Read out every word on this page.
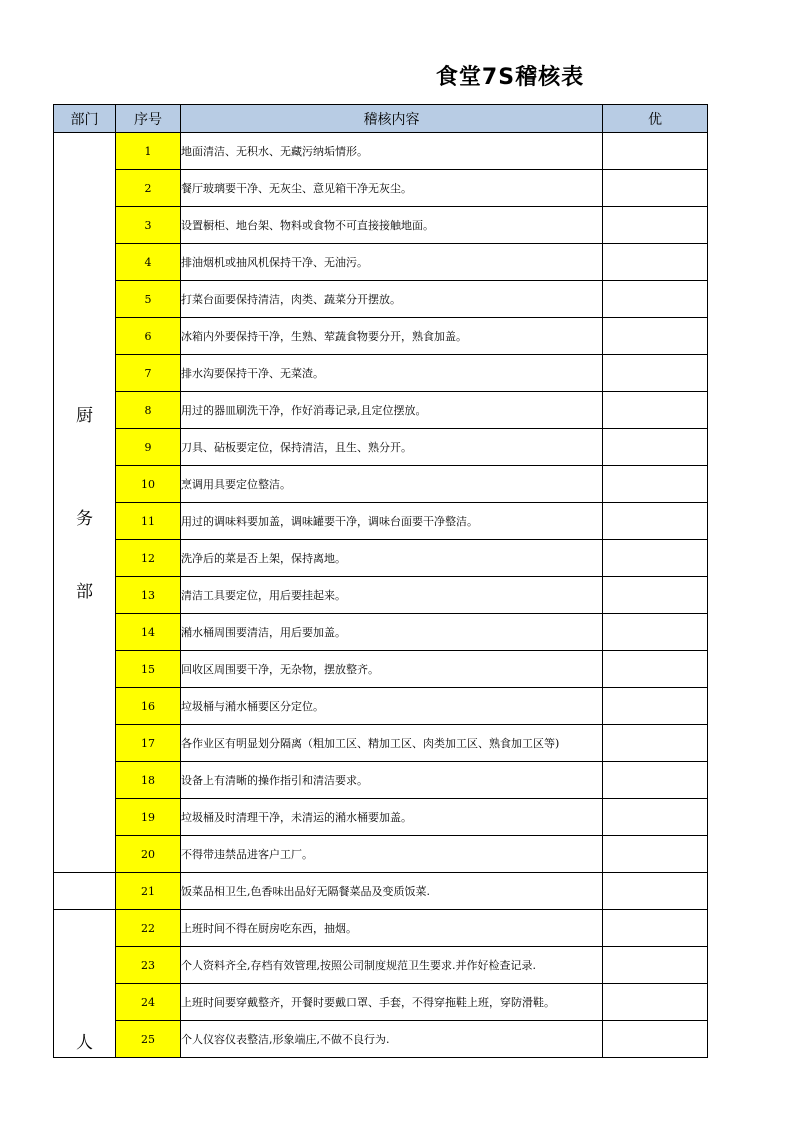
食堂7S稽核表
部门	序号	稽核内容	优

厨
务
部	1	地面清洁、无积水、无藏污纳垢情形。	
	2	餐厅玻璃要干净、无灰尘、意见箱干净无灰尘。	
	3	设置橱柜、地台架、物料或食物不可直接接触地面。	
	4	排油烟机或抽风机保持干净、无油污。	
	5	打菜台面要保持清洁，肉类、蔬菜分开摆放。	
	6	冰箱内外要保持干净，生熟、荤蔬食物要分开，熟食加盖。	
	7	排水沟要保持干净、无菜渣。	
	8	用过的器皿刷洗干净，作好消毒记录,且定位摆放。	
	9	刀具、砧板要定位，保持清洁，且生、熟分开。	
	10	烹调用具要定位整洁。	
	11	用过的调味料要加盖，调味罐要干净，调味台面要干净整洁。	
	12	洗净后的菜是否上架，保持离地。	
	13	清洁工具要定位，用后要挂起来。	
	14	潲水桶周围要清洁，用后要加盖。	
	15	回收区周围要干净，无杂物，摆放整齐。	
	16	垃圾桶与潲水桶要区分定位。	
	17	各作业区有明显划分隔离（粗加工区、精加工区、肉类加工区、熟食加工区等)	
	18	设备上有清晰的操作指引和清洁要求。	
	19	垃圾桶及时清理干净，未清运的潲水桶要加盖。	
	20	不得带违禁品进客户工厂。	
	21	饭菜品相卫生,色香味出品好无隔餐菜品及变质饭菜.	

人	22	上班时间不得在厨房吃东西，抽烟。	
	23	个人资料齐全,存档有效管理,按照公司制度规范卫生要求.并作好检查记录.	
	24	上班时间要穿戴整齐，开餐时要戴口罩、手套，不得穿拖鞋上班，穿防滑鞋。	
	25	个人仪容仪表整洁,形象端庄,不做不良行为.	
